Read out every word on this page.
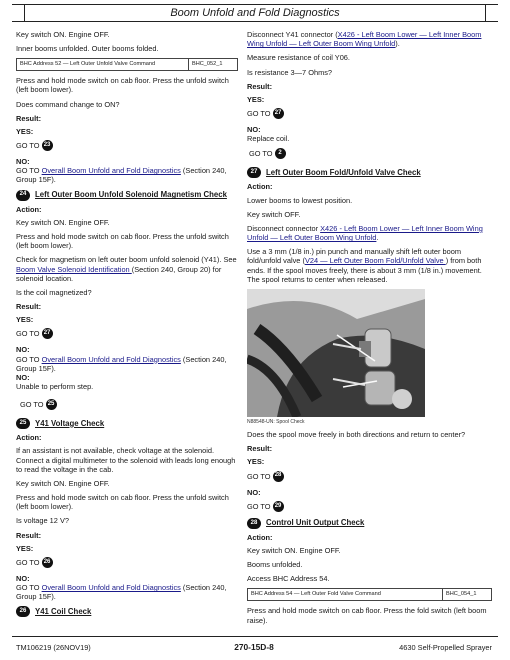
Boom Unfold and Fold Diagnostics
Key switch ON. Engine OFF.
Inner booms unfolded. Outer booms folded.
BHC Address 52 — Left Outer Unfold Valve Command	BHC_052_1
Press and hold mode switch on cab floor. Press the unfold switch (left boom lower).
Does command change to ON?
Result:
YES:
GO TO 23
NO:
GO TO Overall Boom Unfold and Fold Diagnostics (Section 240, Group 15F).
24	Left Outer Boom Unfold Solenoid Magnetism Check
Action:
Key switch ON. Engine OFF.
Press and hold mode switch on cab floor. Press the unfold switch (left boom lower).
Check for magnetism on left outer boom unfold solenoid (Y41). See Boom Valve Solenoid Identification (Section 240, Group 20) for solenoid location.
Is the coil magnetized?
Result:
YES:
GO TO 27
NO:
GO TO Overall Boom Unfold and Fold Diagnostics (Section 240, Group 15F).
NO:
Unable to perform step.
GO TO 25
25	Y41 Voltage Check
Action:
If an assistant is not available, check voltage at the solenoid. Connect a digital multimeter to the solenoid with leads long enough to read the voltage in the cab.
Key switch ON. Engine OFF.
Press and hold mode switch on cab floor. Press the unfold switch (left boom lower).
Is voltage 12 V?
Result:
YES:
GO TO 26
NO:
GO TO Overall Boom Unfold and Fold Diagnostics (Section 240, Group 15F).
26	Y41 Coil Check
Disconnect Y41 connector (X426 - Left Boom Lower — Left Inner Boom Wing Unfold — Left Outer Boom Wing Unfold).
Measure resistance of coil Y06.
Is resistance 3—7 Ohms?
Result:
YES:
GO TO 27
NO:
Replace coil.
GO TO 2
27	Left Outer Boom Fold/Unfold Valve Check
Action:
Lower booms to lowest position.
Key switch OFF.
Disconnect connector X426 - Left Boom Lower — Left Inner Boom Wing Unfold — Left Outer Boom Wing Unfold.
Use a 3 mm (1/8 in.) pin punch and manually shift left outer boom fold/unfold valve (V24 — Left Outer Boom Fold/Unfold Valve ) from both ends. If the spool moves freely, there is about 3 mm (1/8 in.) movement. The spool returns to center when released.
N88548-UN: Spool Check
Does the spool move freely in both directions and return to center?
Result:
YES:
GO TO 28
NO:
GO TO 29
28	Control Unit Output Check
Action:
Key switch ON. Engine OFF.
Booms unfolded.
Access BHC Address 54.
BHC Address 54 — Left Outer Fold Valve Command	BHC_054_1
Press and hold mode switch on cab floor. Press the fold switch (left boom raise).
TM106219 (26NOV19)	270-15D-8	4630 Self-Propelled Sprayer
